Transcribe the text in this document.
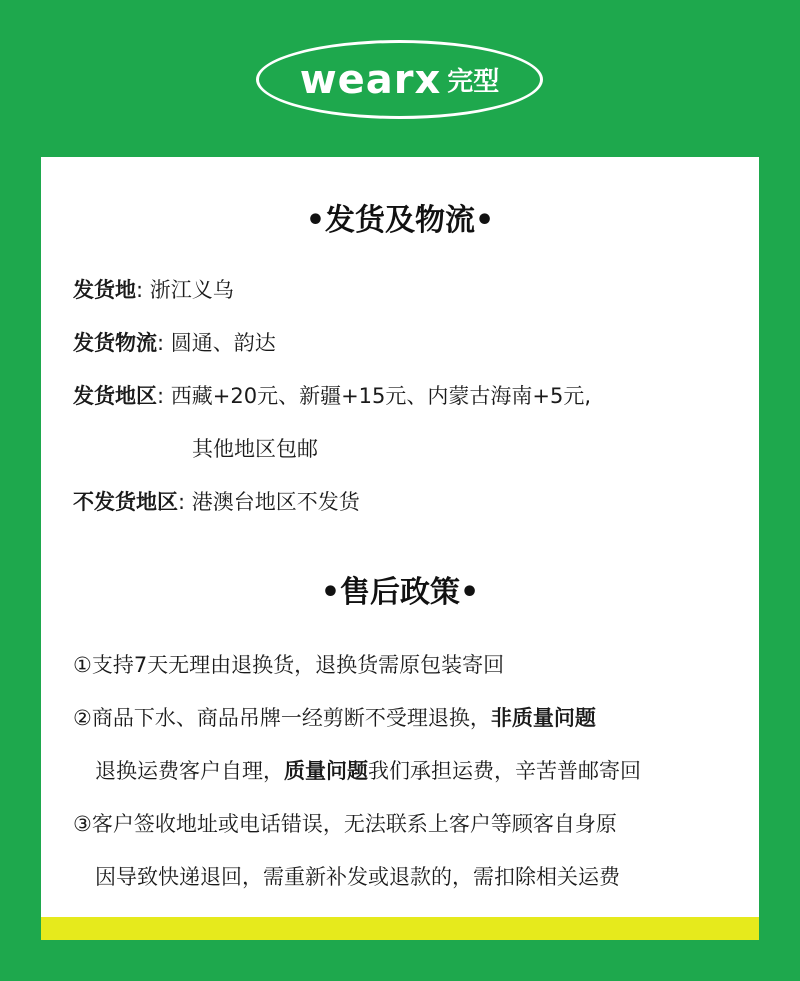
wearx 完型
•发货及物流•
发货地: 浙江义乌
发货物流: 圆通、韵达
发货地区: 西藏+20元、新疆+15元、内蒙古海南+5元,
其他地区包邮
不发货地区: 港澳台地区不发货
•售后政策•
①支持7天无理由退换货，退换货需原包装寄回
②商品下水、商品吊牌一经剪断不受理退换，非质量问题
退换运费客户自理，质量问题我们承担运费，辛苦普邮寄回
③客户签收地址或电话错误，无法联系上客户等顾客自身原
因导致快递退回，需重新补发或退款的，需扣除相关运费
